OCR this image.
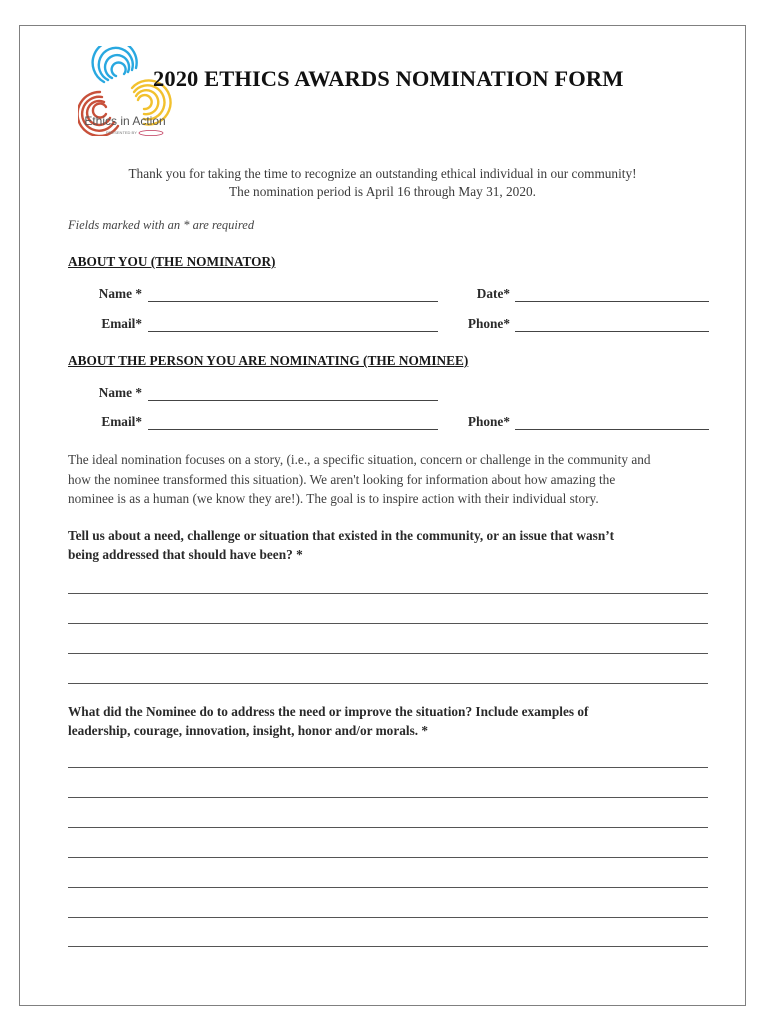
Ethics in Action
PRESENTED BY
2020 ETHICS AWARDS NOMINATION FORM
Thank you for taking the time to recognize an outstanding ethical individual in our community!
The nomination period is April 16 through May 31, 2020.
Fields marked with an * are required
ABOUT YOU (THE NOMINATOR)
Name *	Date*
Email*	Phone*
ABOUT THE PERSON YOU ARE NOMINATING (THE NOMINEE)
Name *
Email*	Phone*
The ideal nomination focuses on a story, (i.e., a specific situation, concern or challenge in the community and
how the nominee transformed this situation). We aren't looking for information about how amazing the
nominee is as a human (we know they are!). The goal is to inspire action with their individual story.
Tell us about a need, challenge or situation that existed in the community, or an issue that wasn’t
being addressed that should have been? *
What did the Nominee do to address the need or improve the situation? Include examples of
leadership, courage, innovation, insight, honor and/or morals. *
